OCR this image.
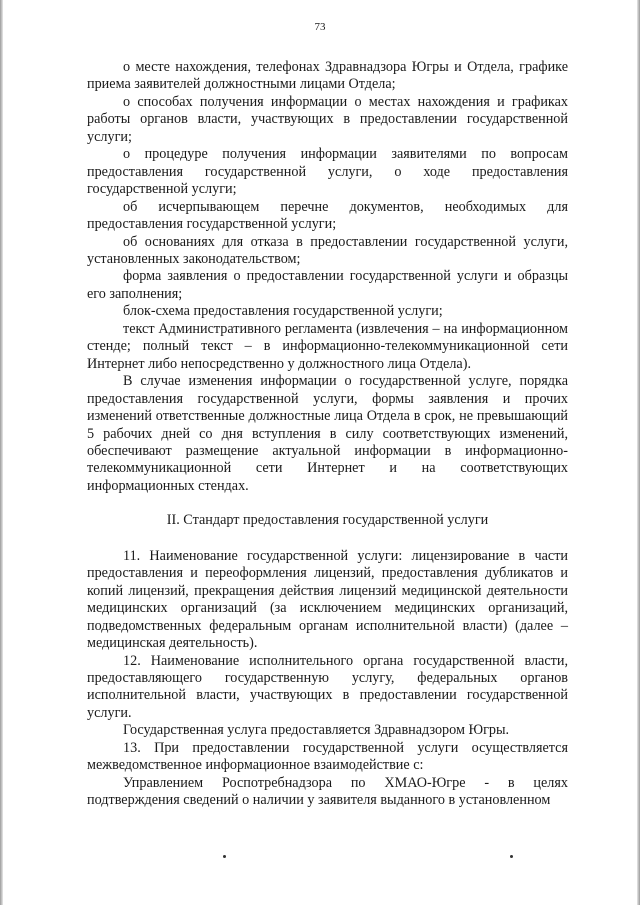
73

о месте нахождения, телефонах Здравнадзора Югры и Отдела, графике приема заявителей должностными лицами Отдела;

о способах получения информации о местах нахождения и графиках работы органов власти, участвующих в предоставлении государственной услуги;

о процедуре получения информации заявителями по вопросам предоставления государственной услуги, о ходе предоставления государственной услуги;

об исчерпывающем перечне документов, необходимых для предоставления государственной услуги;

об основаниях для отказа в предоставлении государственной услуги, установленных законодательством;

форма заявления о предоставлении государственной услуги и образцы его заполнения;

блок-схема предоставления государственной услуги;

текст Административного регламента (извлечения – на информационном стенде; полный текст – в информационно-телекоммуникационной сети Интернет либо непосредственно у должностного лица Отдела).

В случае изменения информации о государственной услуге, порядка предоставления государственной услуги, формы заявления и прочих изменений ответственные должностные лица Отдела в срок, не превышающий 5 рабочих дней со дня вступления в силу соответствующих изменений, обеспечивают размещение актуальной информации в информационно-телекоммуникационной сети Интернет и на соответствующих информационных стендах.

II. Стандарт предоставления государственной услуги

11. Наименование государственной услуги: лицензирование в части предоставления и переоформления лицензий, предоставления дубликатов и копий лицензий, прекращения действия лицензий медицинской деятельности медицинских организаций (за исключением медицинских организаций, подведомственных федеральным органам исполнительной власти) (далее – медицинская деятельность).

12. Наименование исполнительного органа государственной власти, предоставляющего государственную услугу, федеральных органов исполнительной власти, участвующих в предоставлении государственной услуги.

Государственная услуга предоставляется Здравнадзором Югры.

13. При предоставлении государственной услуги осуществляется межведомственное информационное взаимодействие с:

Управлением Роспотребнадзора по ХМАО-Югре - в целях подтверждения сведений о наличии у заявителя выданного в установленном
